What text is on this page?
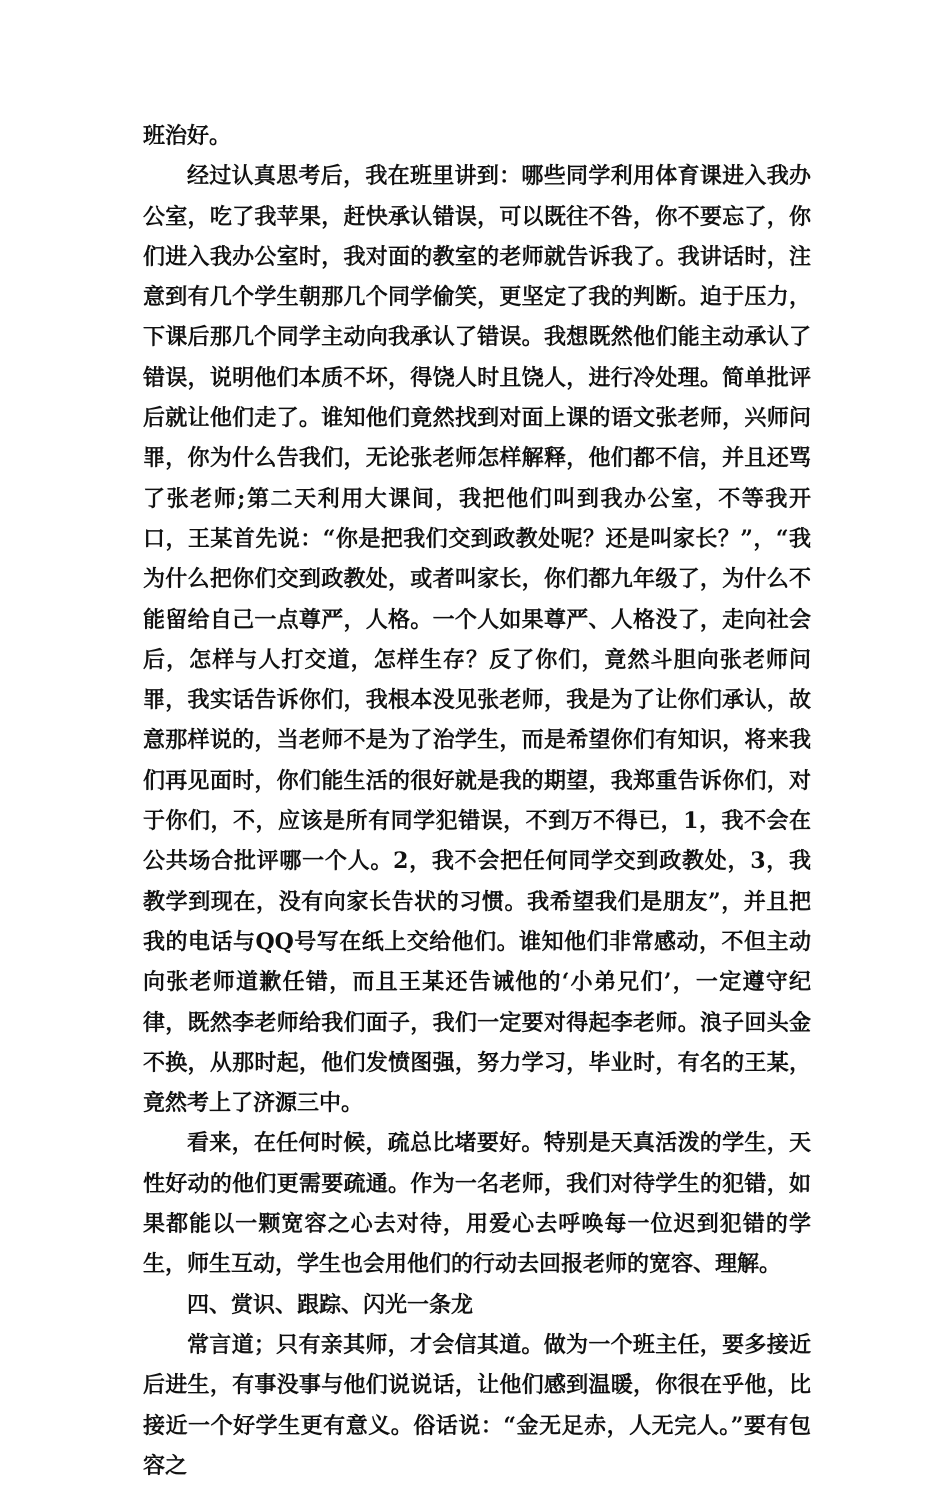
班治好。

经过认真思考后，我在班里讲到：哪些同学利用体育课进入我办公室，吃了我苹果，赶快承认错误，可以既往不咎，你不要忘了，你们进入我办公室时，我对面的教室的老师就告诉我了。我讲话时，注意到有几个学生朝那几个同学偷笑，更坚定了我的判断。迫于压力，下课后那几个同学主动向我承认了错误。我想既然他们能主动承认了错误，说明他们本质不坏，得饶人时且饶人，进行冷处理。简单批评后就让他们走了。谁知他们竟然找到对面上课的语文张老师，兴师问罪，你为什么告我们，无论张老师怎样解释，他们都不信，并且还骂了张老师;第二天利用大课间，我把他们叫到我办公室，不等我开口，王某首先说：“你是把我们交到政教处呢？还是叫家长？”，“我为什么把你们交到政教处，或者叫家长，你们都九年级了，为什么不能留给自己一点尊严，人格。一个人如果尊严、人格没了，走向社会后，怎样与人打交道，怎样生存？反了你们，竟然斗胆向张老师问罪，我实话告诉你们，我根本没见张老师，我是为了让你们承认，故意那样说的，当老师不是为了治学生，而是希望你们有知识，将来我们再见面时，你们能生活的很好就是我的期望，我郑重告诉你们，对于你们，不，应该是所有同学犯错误，不到万不得已，1，我不会在公共场合批评哪一个人。2，我不会把任何同学交到政教处，3，我教学到现在，没有向家长告状的习惯。我希望我们是朋友”，并且把我的电话与QQ号写在纸上交给他们。谁知他们非常感动，不但主动向张老师道歉任错，而且王某还告诫他的‘小弟兄们’，一定遵守纪律，既然李老师给我们面子，我们一定要对得起李老师。浪子回头金不换，从那时起，他们发愤图强，努力学习，毕业时，有名的王某，竟然考上了济源三中。

看来，在任何时候，疏总比堵要好。特别是天真活泼的学生，天性好动的他们更需要疏通。作为一名老师，我们对待学生的犯错，如果都能以一颗宽容之心去对待，用爱心去呼唤每一位迟到犯错的学生，师生互动，学生也会用他们的行动去回报老师的宽容、理解。

四、赏识、跟踪、闪光一条龙

常言道；只有亲其师，才会信其道。做为一个班主任，要多接近后进生，有事没事与他们说说话，让他们感到温暖，你很在乎他，比接近一个好学生更有意义。俗话说：“金无足赤，人无完人。”要有包容之
